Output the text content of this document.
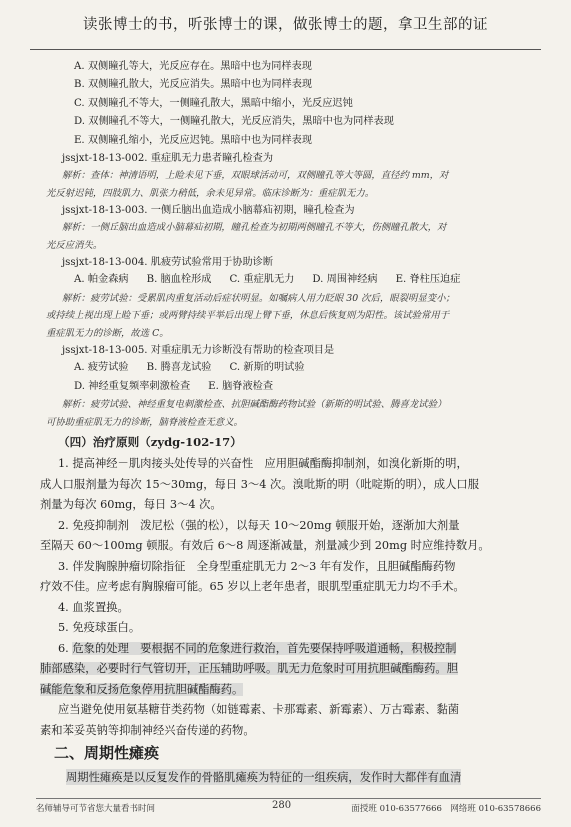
读张博士的书，听张博士的课，做张博士的题，拿卫生部的证
A. 双侧瞳孔等大，光反应存在。黑暗中也为同样表现
B. 双侧瞳孔散大，光反应消失。黑暗中也为同样表现
C. 双侧瞳孔不等大，一侧瞳孔散大，黑暗中缩小，光反应迟钝
D. 双侧瞳孔不等大，一侧瞳孔散大，光反应消失，黑暗中也为同样表现
E. 双侧瞳孔缩小，光反应迟钝。黑暗中也为同样表现
jssjxt-18-13-002. 重症肌无力患者瞳孔检查为
解析：查体：神清语明，上睑未见下垂，双眼球活动可，双侧瞳孔等大等圆，直径约 mm，对
光反射迟钝，四肢肌力、肌张力稍低，余未见异常。临床诊断为：重症肌无力。
jssjxt-18-13-003. 一侧丘脑出血造成小脑幕疝初期，瞳孔检查为
解析：一侧丘脑出血造成小脑幕疝初期，瞳孔检查为初期两侧瞳孔不等大，伤侧瞳孔散大，对
光反应消失。
jssjxt-18-13-004. 肌疲劳试验常用于协助诊断
A. 帕金森病 B. 脑血栓形成 C. 重症肌无力 D. 周围神经病 E. 脊柱压迫症
解析：疲劳试验：受累肌肉重复活动后症状明显。如嘱病人用力眨眼 30 次后，眼裂明显变小；
或持续上视出现上睑下垂；或两臂持续平举后出现上臂下垂，休息后恢复则为阳性。该试验常用于
重症肌无力的诊断，故选 C。
jssjxt-18-13-005. 对重症肌无力诊断没有帮助的检查项目是
A. 疲劳试验 B. 腾喜龙试验 C. 新斯的明试验
D. 神经重复频率刺激检查 E. 脑脊液检查
解析：疲劳试验、神经重复电刺激检查、抗胆碱酯酶药物试验（新斯的明试验、腾喜龙试验）
可协助重症肌无力的诊断，脑脊液检查无意义。
（四）治疗原则（zydg-102-17）
1. 提高神经－肌肉接头处传导的兴奋性　应用胆碱酯酶抑制剂，如溴化新斯的明，
成人口服剂量为每次 15～30mg，每日 3～4 次。溴吡斯的明（吡啶斯的明），成人口服
剂量为每次 60mg，每日 3～4 次。
2. 免疫抑制剂　泼尼松（强的松），以每天 10～20mg 顿服开始，逐渐加大剂量
至隔天 60～100mg 顿服。有效后 6～8 周逐渐减量，剂量减少到 20mg 时应维持数月。
3. 伴发胸腺肿瘤切除指征　全身型重症肌无力 2～3 年有发作，且胆碱酯酶药物
疗效不佳。应考虑有胸腺瘤可能。65 岁以上老年患者，眼肌型重症肌无力均不手术。
4. 血浆置换。
5. 免疫球蛋白。
6. 危象的处理　要根据不同的危象进行救治，首先要保持呼吸道通畅，积极控制
肺部感染，必要时行气管切开，正压辅助呼吸。肌无力危象时可用抗胆碱酯酶药。胆
碱能危象和反扬危象停用抗胆碱酯酶药。
应当避免使用氨基糖苷类药物（如链霉素、卡那霉素、新霉素）、万古霉素、黏菌
素和苯妥英钠等抑制神经兴奋传递的药物。
二、周期性瘫痪
周期性瘫痪是以反复发作的骨骼肌瘫痪为特征的一组疾病，发作时大都伴有血清
名师辅导可节省您大量看书时间	280	面授班 010-63577666　网络班 010-63578666
